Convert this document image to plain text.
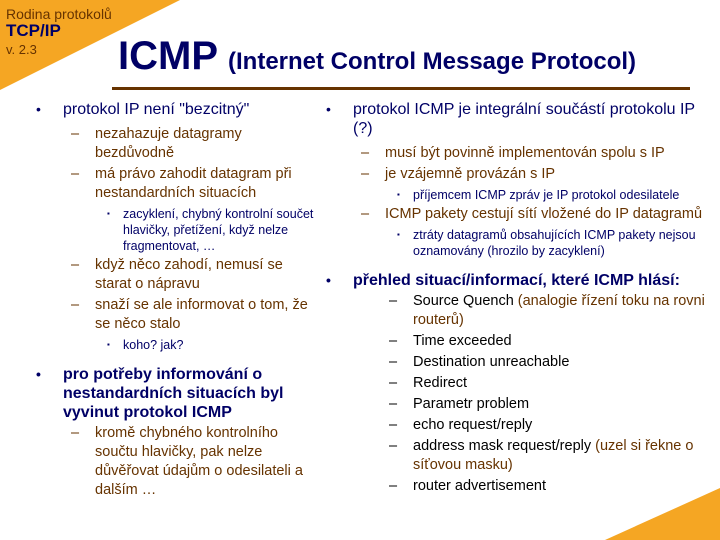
Rodina protokolů
TCP/IP
v. 2.3 ICMP (Internet Control Message Protocol)
• protokol IP není "bezcitný"
– nezahazuje datagramy bezdůvodně
– má právo zahodit datagram při nestandardních situacích
▪ zacyklení, chybný kontrolní součet hlavičky, přetížení, když nelze fragmentovat, …
– když něco zahodí, nemusí se starat o nápravu
– snaží se ale informovat o tom, že se něco stalo
▪ koho? jak?
• pro potřeby informování o nestandardních situacích byl vyvinut protokol ICMP
– kromě chybného kontrolního součtu hlavičky, pak nelze důvěřovat údajům o odesilateli a dalším …
• protokol ICMP je integrální součástí protokolu IP (?)
– musí být povinně implementován spolu s IP
– je vzájemně provázán s IP
▪ příjemcem ICMP zpráv je IP protokol odesilatele
– ICMP pakety cestují sítí vložené do IP datagramů
▪ ztráty datagramů obsahujících ICMP pakety nejsou oznamovány (hrozilo by zacyklení)
• přehled situací/informací, které ICMP hlásí:
– Source Quench (analogie řízení toku na rovni routerů)
– Time exceeded
– Destination unreachable
– Redirect
– Parametr problem
– echo request/reply
– address mask request/reply (uzel si řekne o síťovou masku)
– router advertisement
